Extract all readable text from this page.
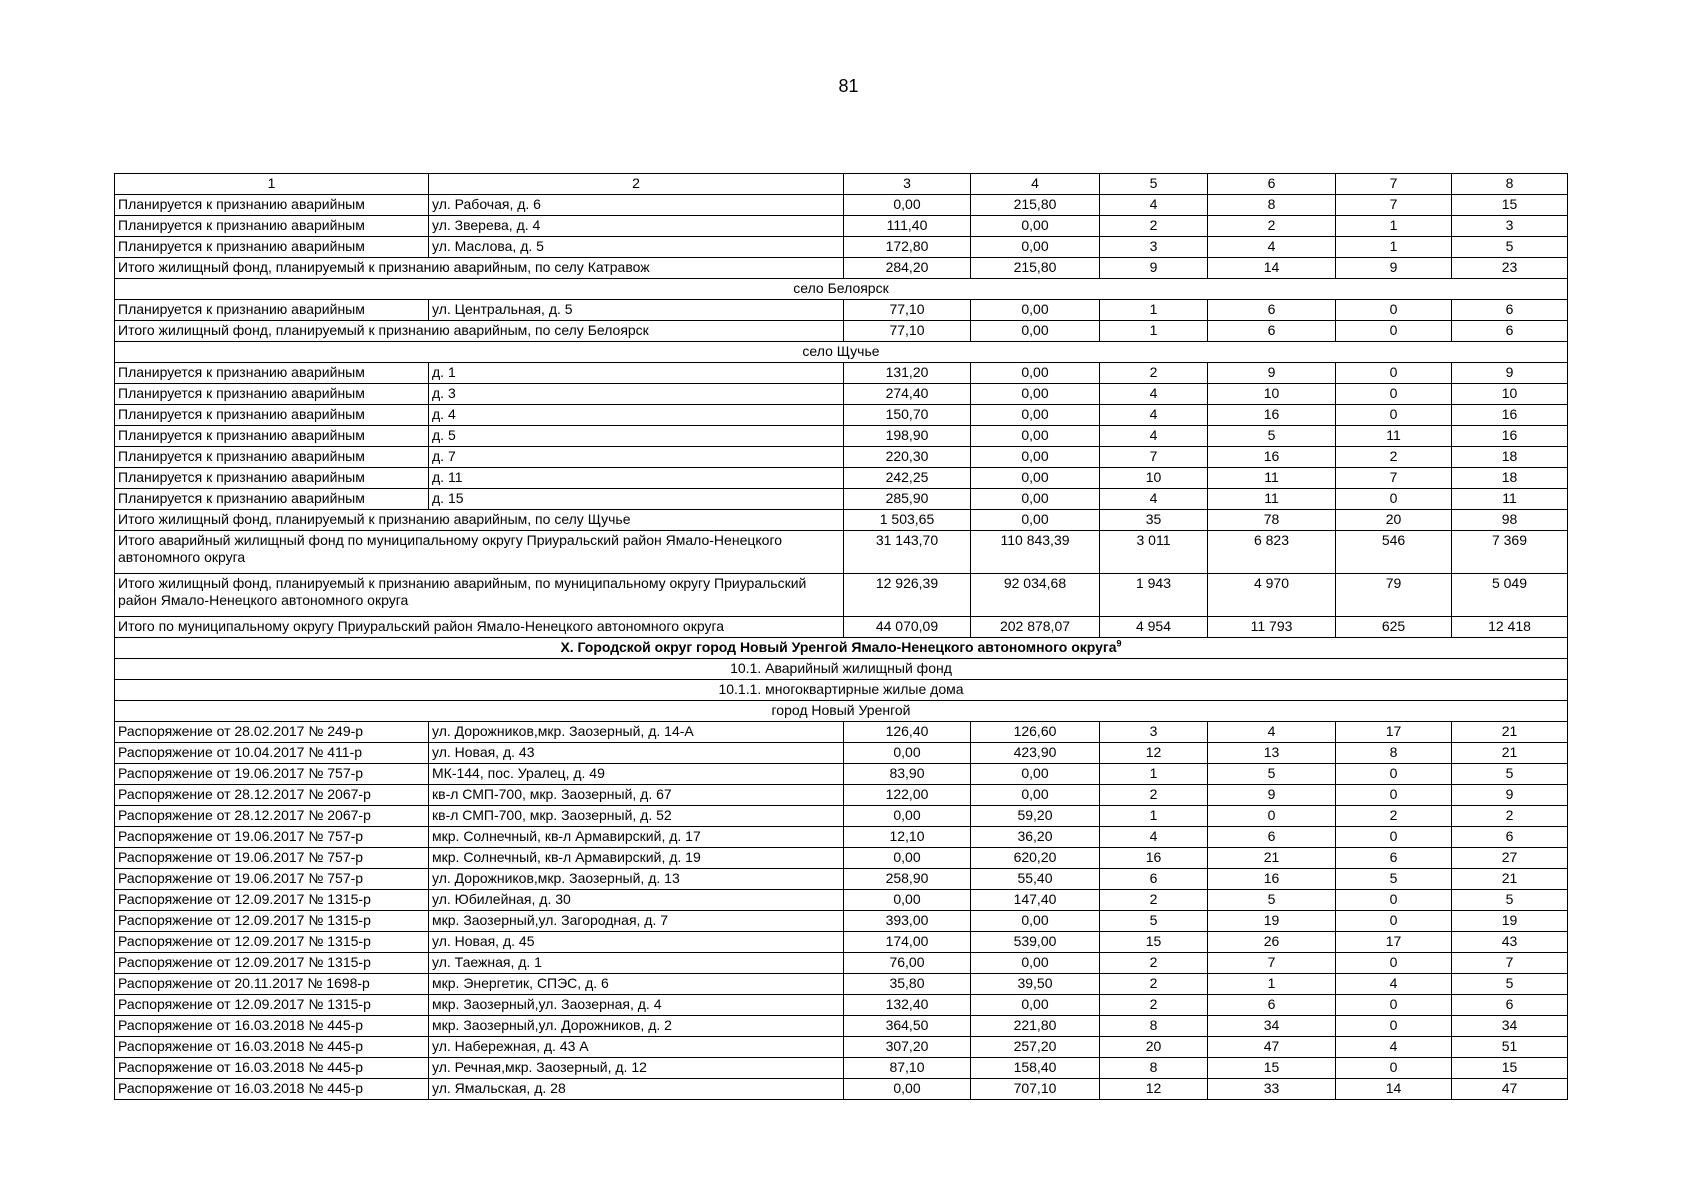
81
1	2	3	4	5	6	7	8
Планируется к признанию аварийным	ул. Рабочая, д. 6	0,00	215,80	4	8	7	15
Планируется к признанию аварийным	ул. Зверева, д. 4	111,40	0,00	2	2	1	3
Планируется к признанию аварийным	ул. Маслова, д. 5	172,80	0,00	3	4	1	5
Итого жилищный фонд, планируемый к признанию аварийным, по селу Катравож		284,20	215,80	9	14	9	23
село Белоярск							
Планируется к признанию аварийным	ул. Центральная, д. 5	77,10	0,00	1	6	0	6
Итого жилищный фонд, планируемый к признанию аварийным, по селу Белоярск		77,10	0,00	1	6	0	6
село Щучье							
Планируется к признанию аварийным	д. 1	131,20	0,00	2	9	0	9
Планируется к признанию аварийным	д. 3	274,40	0,00	4	10	0	10
Планируется к признанию аварийным	д. 4	150,70	0,00	4	16	0	16
Планируется к признанию аварийным	д. 5	198,90	0,00	4	5	11	16
Планируется к признанию аварийным	д. 7	220,30	0,00	7	16	2	18
Планируется к признанию аварийным	д. 11	242,25	0,00	10	11	7	18
Планируется к признанию аварийным	д. 15	285,90	0,00	4	11	0	11
Итого жилищный фонд, планируемый к признанию аварийным, по селу Щучье		1 503,65	0,00	35	78	20	98
Итого аварийный жилищный фонд по муниципальному округу Приуральский район Ямало-Ненецкого автономного округа		31 143,70	110 843,39	3 011	6 823	546	7 369
Итого жилищный фонд, планируемый к признанию аварийным, по муниципальному округу Приуральский район Ямало-Ненецкого автономного округа		12 926,39	92 034,68	1 943	4 970	79	5 049
Итого по муниципальному округу Приуральский район Ямало-Ненецкого автономного округа		44 070,09	202 878,07	4 954	11 793	625	12 418
X. Городской округ город Новый Уренгой Ямало-Ненецкого автономного округа$^9$
10.1. Аварийный жилищный фонд							
10.1.1. многоквартирные жилые дома							
город Новый Уренгой							
Распоряжение от 28.02.2017 № 249-р	ул. Дорожников,мкр. Заозерный, д. 14-А	126,40	126,60	3	4	17	21
Распоряжение от 10.04.2017 № 411-р	ул. Новая, д. 43	0,00	423,90	12	13	8	21
Распоряжение от 19.06.2017 № 757-р	МК-144, пос. Уралец, д. 49	83,90	0,00	1	5	0	5
Распоряжение от 28.12.2017 № 2067-р	кв-л СМП-700, мкр. Заозерный, д. 67	122,00	0,00	2	9	0	9
Распоряжение от 28.12.2017 № 2067-р	кв-л СМП-700, мкр. Заозерный, д. 52	0,00	59,20	1	0	2	2
Распоряжение от 19.06.2017 № 757-р	мкр. Солнечный, кв-л Армавирский, д. 17	12,10	36,20	4	6	0	6
Распоряжение от 19.06.2017 № 757-р	мкр. Солнечный, кв-л Армавирский, д. 19	0,00	620,20	16	21	6	27
Распоряжение от 19.06.2017 № 757-р	ул. Дорожников,мкр. Заозерный, д. 13	258,90	55,40	6	16	5	21
Распоряжение от 12.09.2017 № 1315-р	ул. Юбилейная, д. 30	0,00	147,40	2	5	0	5
Распоряжение от 12.09.2017 № 1315-р	мкр. Заозерный,ул. Загородная, д. 7	393,00	0,00	5	19	0	19
Распоряжение от 12.09.2017 № 1315-р	ул. Новая, д. 45	174,00	539,00	15	26	17	43
Распоряжение от 12.09.2017 № 1315-р	ул. Таежная, д. 1	76,00	0,00	2	7	0	7
Распоряжение от 20.11.2017 № 1698-р	мкр. Энергетик, СПЭС, д. 6	35,80	39,50	2	1	4	5
Распоряжение от 12.09.2017 № 1315-р	мкр. Заозерный,ул. Заозерная, д. 4	132,40	0,00	2	6	0	6
Распоряжение от 16.03.2018 № 445-р	мкр. Заозерный,ул. Дорожников, д. 2	364,50	221,80	8	34	0	34
Распоряжение от 16.03.2018 № 445-р	ул. Набережная, д. 43 А	307,20	257,20	20	47	4	51
Распоряжение от 16.03.2018 № 445-р	ул. Речная,мкр. Заозерный, д. 12	87,10	158,40	8	15	0	15
Распоряжение от 16.03.2018 № 445-р	ул. Ямальская, д. 28	0,00	707,10	12	33	14	47
